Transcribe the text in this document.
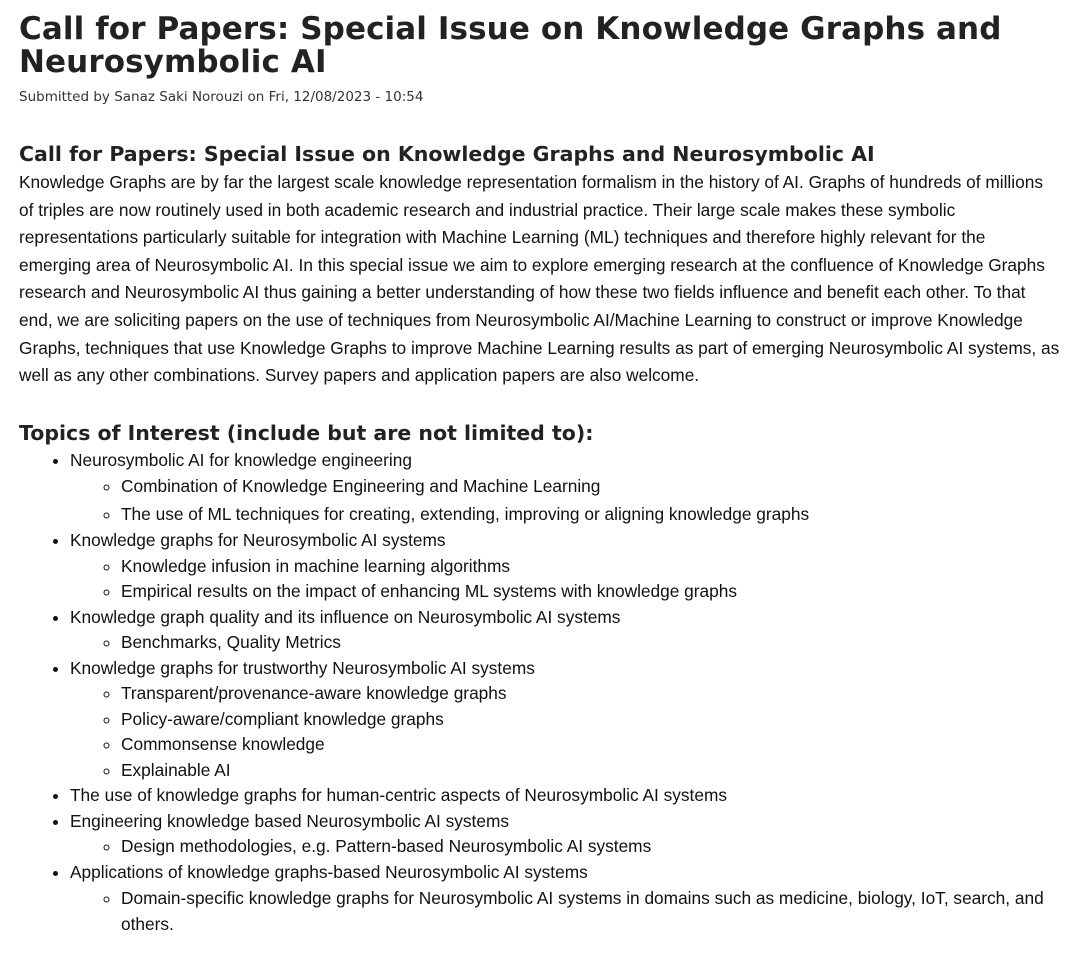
Call for Papers: Special Issue on Knowledge Graphs and Neurosymbolic AI
Submitted by Sanaz Saki Norouzi on Fri, 12/08/2023 - 10:54
Call for Papers: Special Issue on Knowledge Graphs and Neurosymbolic AI

Knowledge Graphs are by far the largest scale knowledge representation formalism in the history of AI. Graphs of hundreds of millions of triples are now routinely used in both academic research and industrial practice. Their large scale makes these symbolic representations particularly suitable for integration with Machine Learning (ML) techniques and therefore highly relevant for the emerging area of Neurosymbolic AI. In this special issue we aim to explore emerging research at the confluence of Knowledge Graphs research and Neurosymbolic AI thus gaining a better understanding of how these two fields influence and benefit each other. To that end, we are soliciting papers on the use of techniques from Neurosymbolic AI/Machine Learning to construct or improve Knowledge Graphs, techniques that use Knowledge Graphs to improve Machine Learning results as part of emerging Neurosymbolic AI systems, as well as any other combinations. Survey papers and application papers are also welcome.

Topics of Interest (include but are not limited to):
• Neurosymbolic AI for knowledge engineering
◦ Combination of Knowledge Engineering and Machine Learning
◦ The use of ML techniques for creating, extending, improving or aligning knowledge graphs
• Knowledge graphs for Neurosymbolic AI systems
◦ Knowledge infusion in machine learning algorithms
◦ Empirical results on the impact of enhancing ML systems with knowledge graphs
• Knowledge graph quality and its influence on Neurosymbolic AI systems
◦ Benchmarks, Quality Metrics
• Knowledge graphs for trustworthy Neurosymbolic AI systems
◦ Transparent/provenance-aware knowledge graphs
◦ Policy-aware/compliant knowledge graphs
◦ Commonsense knowledge
◦ Explainable AI
• The use of knowledge graphs for human-centric aspects of Neurosymbolic AI systems
• Engineering knowledge based Neurosymbolic AI systems
◦ Design methodologies, e.g. Pattern-based Neurosymbolic AI systems
• Applications of knowledge graphs-based Neurosymbolic AI systems
◦ Domain-specific knowledge graphs for Neurosymbolic AI systems in domains such as medicine, biology, IoT, search, and others.
